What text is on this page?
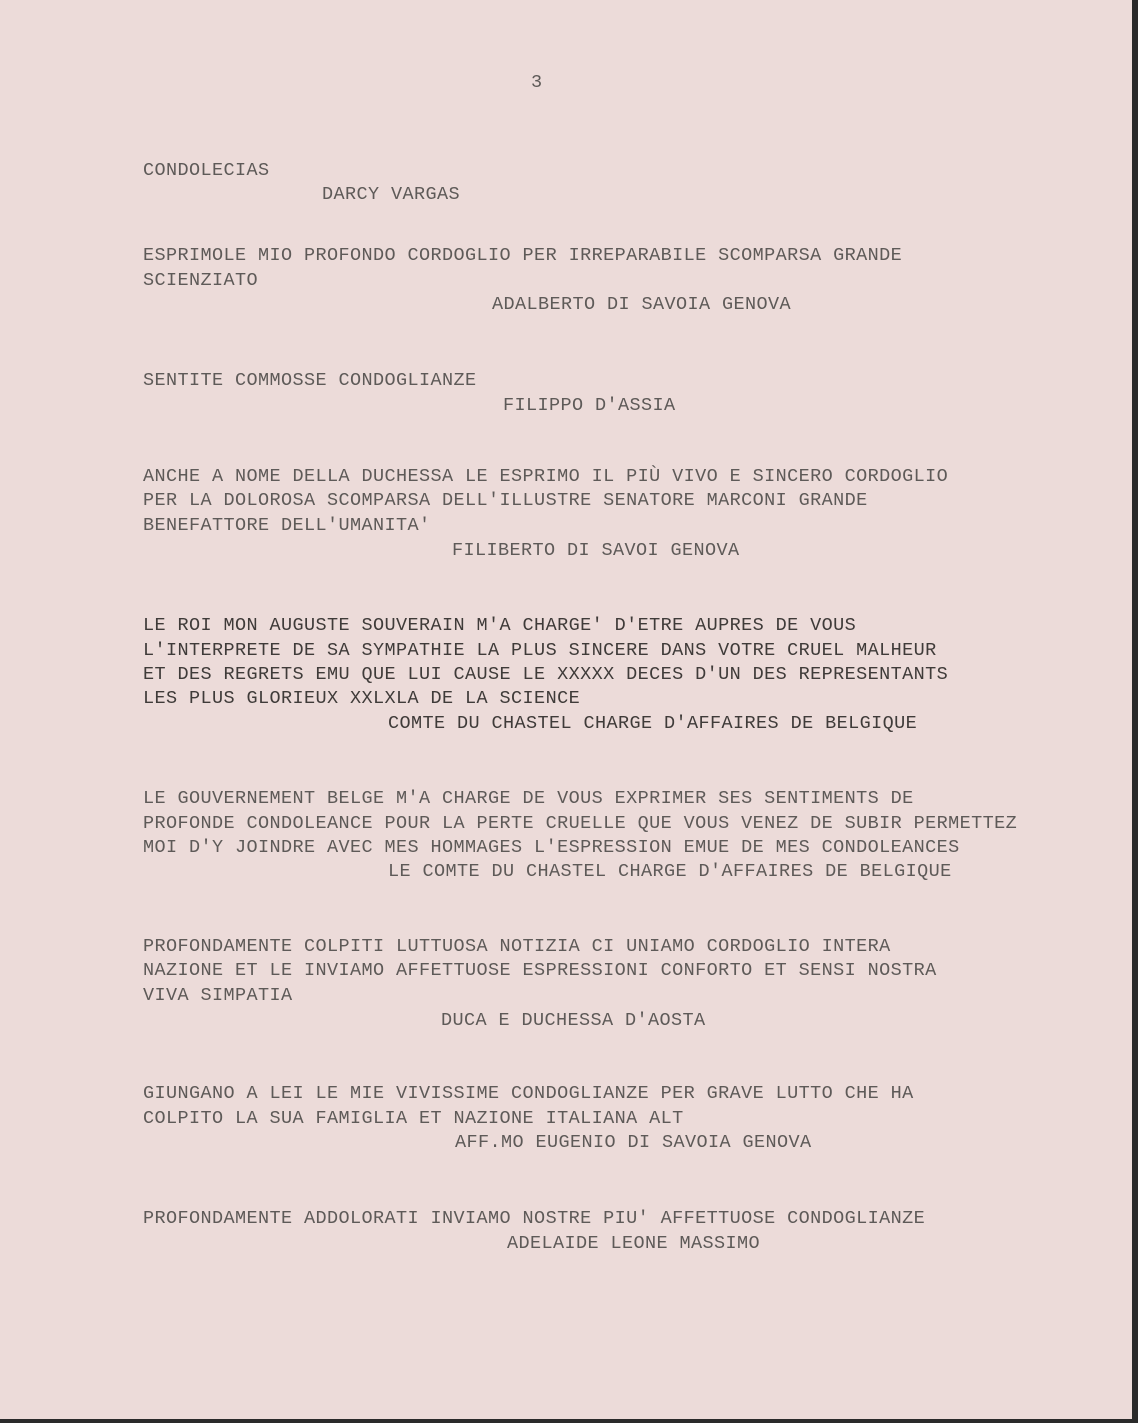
3
CONDOLECIAS
DARCY VARGAS
ESPRIMOLE MIO PROFONDO CORDOGLIO PER IRREPARABILE SCOMPARSA GRANDE
SCIENZIATO
ADALBERTO DI SAVOIA GENOVA
SENTITE COMMOSSE CONDOGLIANZE
FILIPPO D'ASSIA
ANCHE A NOME DELLA DUCHESSA LE ESPRIMO IL PIÙ VIVO E SINCERO CORDOGLIO
PER LA DOLOROSA SCOMPARSA DELL'ILLUSTRE SENATORE MARCONI GRANDE
BENEFATTORE DELL'UMANITA'
FILIBERTO DI SAVOI GENOVA
LE ROI MON AUGUSTE SOUVERAIN M'A CHARGE' D'ETRE AUPRES DE VOUS
L'INTERPRETE DE SA SYMPATHIE LA PLUS SINCERE DANS VOTRE CRUEL MALHEUR
ET DES REGRETS EMU QUE LUI CAUSE LE XXXXX DECES D'UN DES REPRESENTANTS
LES PLUS GLORIEUX XXLXLA DE LA SCIENCE
COMTE DU CHASTEL CHARGE D'AFFAIRES DE BELGIQUE
LE GOUVERNEMENT BELGE M'A CHARGE DE VOUS EXPRIMER SES SENTIMENTS DE
PROFONDE CONDOLEANCE POUR LA PERTE CRUELLE QUE VOUS VENEZ DE SUBIR PERMETTEZ
MOI D'Y JOINDRE AVEC MES HOMMAGES L'ESPRESSION EMUE DE MES CONDOLEANCES
LE COMTE DU CHASTEL CHARGE D'AFFAIRES DE BELGIQUE
PROFONDAMENTE COLPITI LUTTUOSA NOTIZIA CI UNIAMO CORDOGLIO INTERA
NAZIONE ET LE INVIAMO AFFETTUOSE ESPRESSIONI CONFORTO ET SENSI NOSTRA
VIVA SIMPATIA
DUCA E DUCHESSA D'AOSTA
GIUNGANO A LEI LE MIE VIVISSIME CONDOGLIANZE PER GRAVE LUTTO CHE HA
COLPITO LA SUA FAMIGLIA ET NAZIONE ITALIANA ALT
AFF.MO EUGENIO DI SAVOIA GENOVA
PROFONDAMENTE ADDOLORATI INVIAMO NOSTRE PIU' AFFETTUOSE CONDOGLIANZE
ADELAIDE LEONE MASSIMO
